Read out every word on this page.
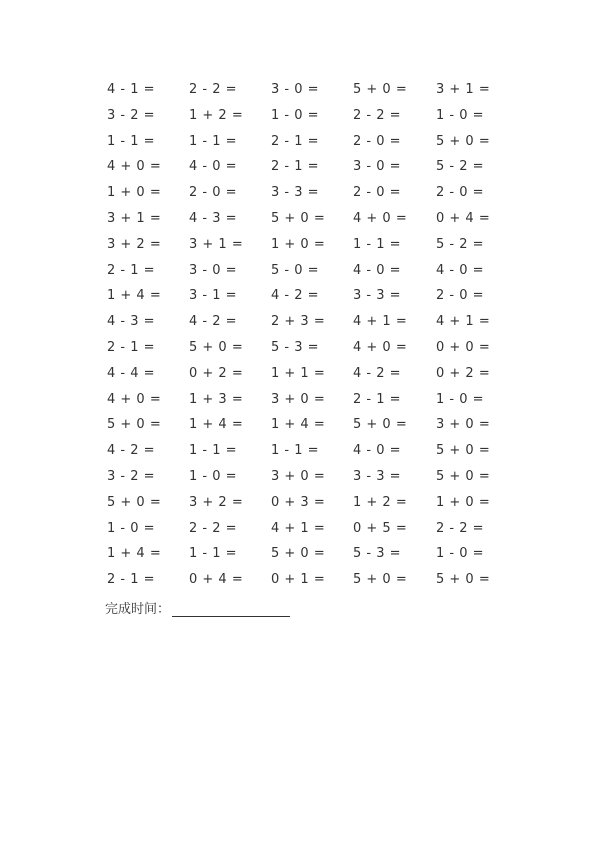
4 - 1 =	2 - 2 =	3 - 0 =	5 + 0 = 3 + 1 =
3 - 2 =	1 + 2 = 1 - 0 =	2 - 2 =	1 - 0 =
1 - 1 =	1 - 1 =	2 - 1 =	2 - 0 =	5 + 0 =
4 + 0 = 4 - 0 =	2 - 1 =	3 - 0 =	5 - 2 =
1 + 0 = 2 - 0 =	3 - 3 =	2 - 0 =	2 - 0 =
3 + 1 = 4 - 3 =	5 + 0 = 4 + 0 = 0 + 4 =
3 + 2 = 3 + 1 = 1 + 0 = 1 - 1 =	5 - 2 =
2 - 1 =	3 - 0 =	5 - 0 =	4 - 0 =	4 - 0 =
1 + 4 = 3 - 1 =	4 - 2 =	3 - 3 =	2 - 0 =
4 - 3 =	4 - 2 =	2 + 3 = 4 + 1 = 4 + 1 =
2 - 1 =	5 + 0 = 5 - 3 =	4 + 0 = 0 + 0 =
4 - 4 =	0 + 2 = 1 + 1 = 4 - 2 =	0 + 2 =
4 + 0 = 1 + 3 = 3 + 0 = 2 - 1 =	1 - 0 =
5 + 0 = 1 + 4 = 1 + 4 = 5 + 0 = 3 + 0 =
4 - 2 =	1 - 1 =	1 - 1 =	4 - 0 =	5 + 0 =
3 - 2 =	1 - 0 =	3 + 0 = 3 - 3 =	5 + 0 =
5 + 0 = 3 + 2 = 0 + 3 = 1 + 2 = 1 + 0 =
1 - 0 =	2 - 2 =	4 + 1 = 0 + 5 = 2 - 2 =
1 + 4 = 1 - 1 =	5 + 0 = 5 - 3 =	1 - 0 =
2 - 1 =	0 + 4 = 0 + 1 = 5 + 0 = 5 + 0 =
完成时间：
